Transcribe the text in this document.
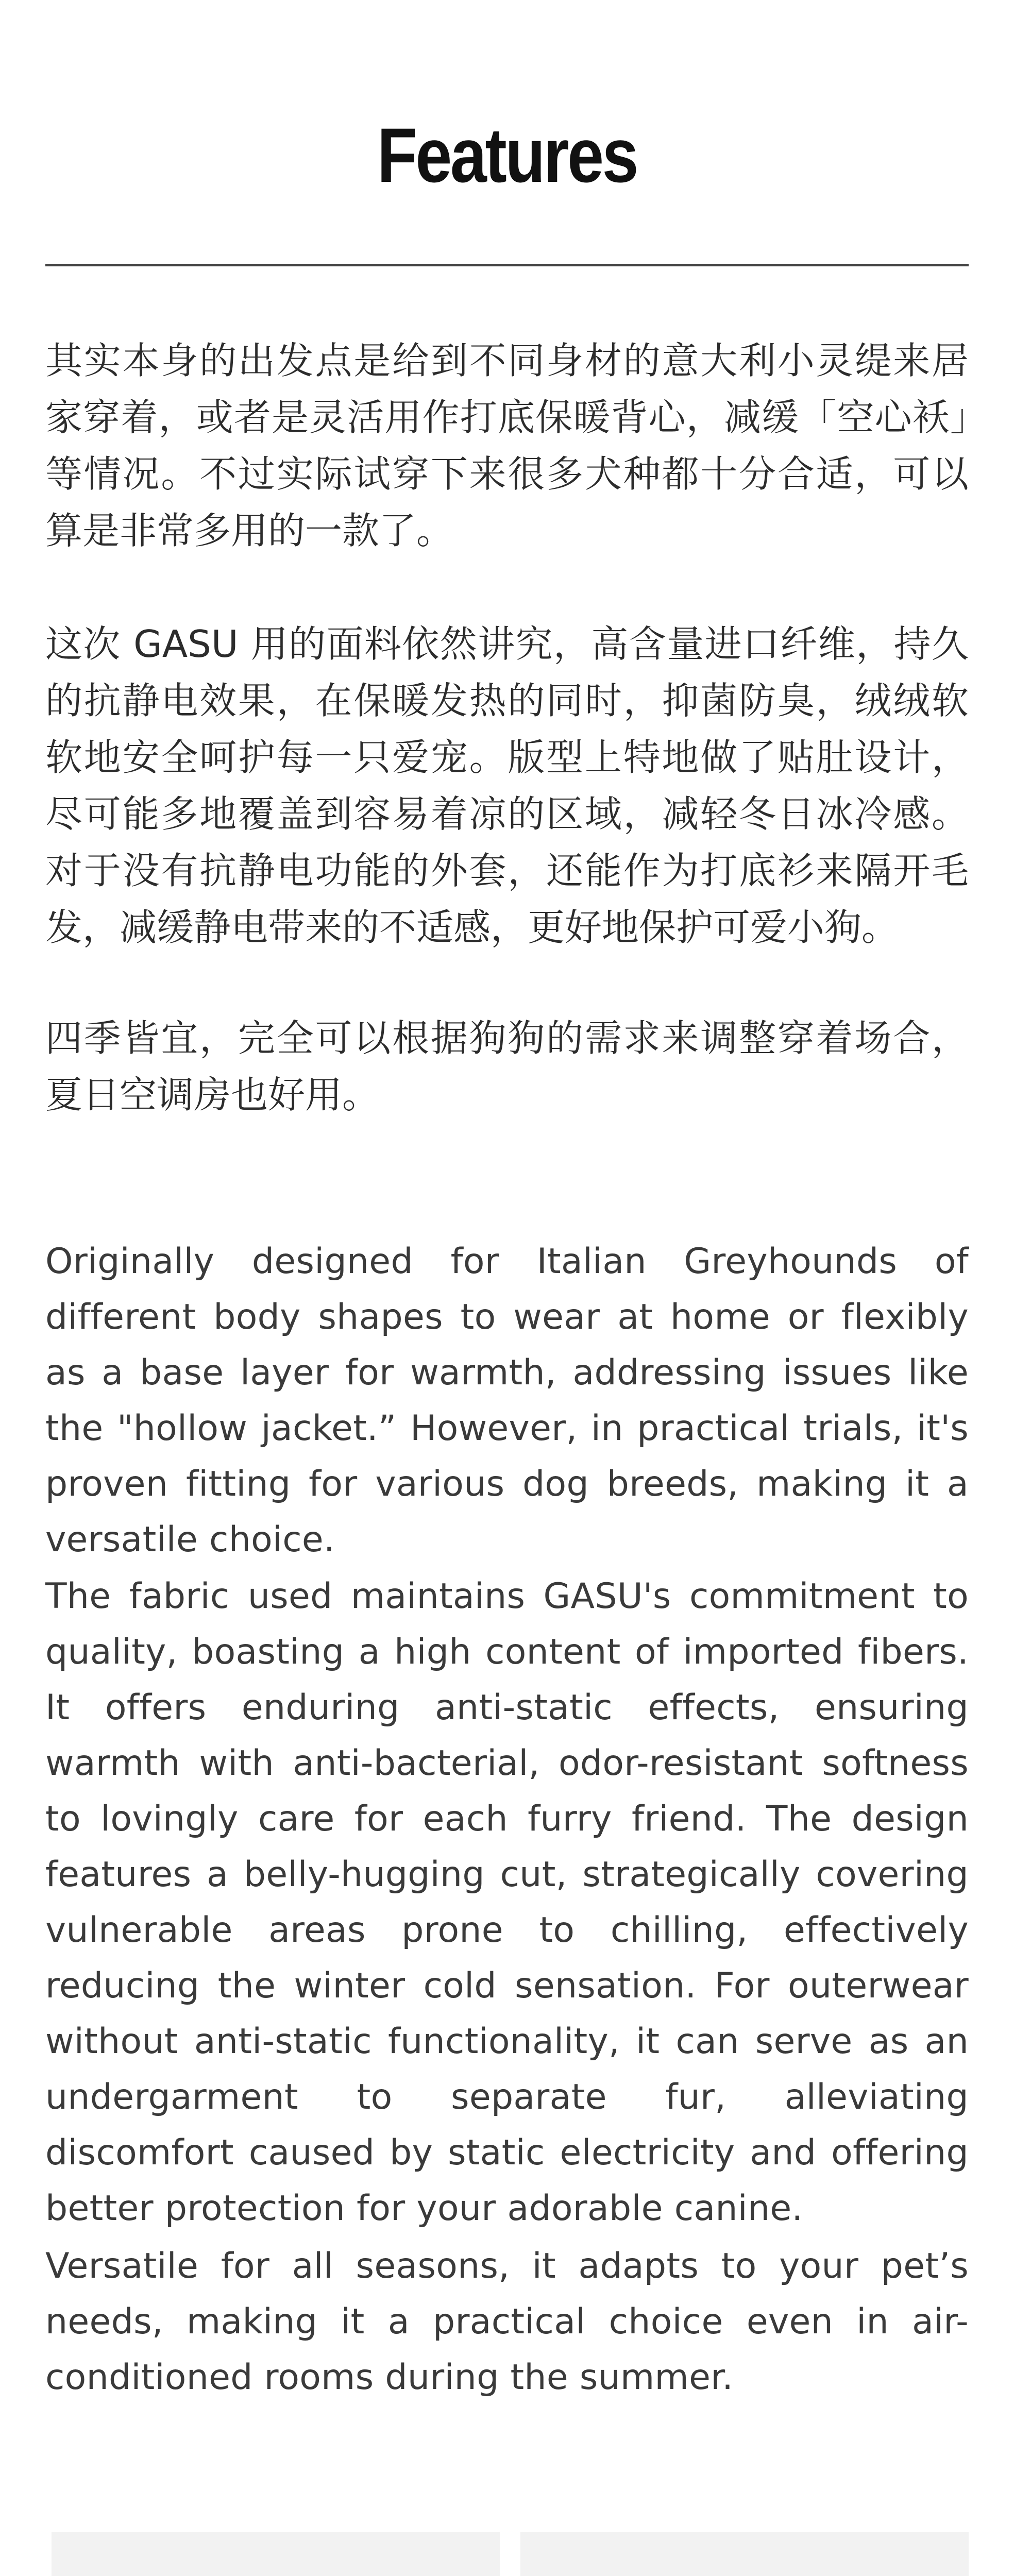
Features

其实本身的出发点是给到不同身材的意大利小灵缇来居家穿着，或者是灵活用作打底保暖背心，减缓「空心袄」等情况。不过实际试穿下来很多犬种都十分合适，可以算是非常多用的一款了。

这次 GASU 用的面料依然讲究，高含量进口纤维，持久的抗静电效果，在保暖发热的同时，抑菌防臭，绒绒软软地安全呵护每一只爱宠。版型上特地做了贴肚设计，尽可能多地覆盖到容易着凉的区域，减轻冬日冰冷感。对于没有抗静电功能的外套，还能作为打底衫来隔开毛发，减缓静电带来的不适感，更好地保护可爱小狗。

四季皆宜，完全可以根据狗狗的需求来调整穿着场合，夏日空调房也好用。

Originally designed for Italian Greyhounds of different body shapes to wear at home or flexibly as a base layer for warmth, addressing issues like the "hollow jacket.” However, in practical trials, it's proven fitting for various dog breeds, making it a versatile choice.

The fabric used maintains GASU's commitment to quality, boasting a high content of imported fibers. It offers enduring anti-static effects, ensuring warmth with anti-bacterial, odor-resistant softness to lovingly care for each furry friend. The design features a belly-hugging cut, strategically covering vulnerable areas prone to chilling, effectively reducing the winter cold sensation. For outerwear without anti-static functionality, it can serve as an undergarment to separate fur, alleviating discomfort caused by static electricity and offering better protection for your adorable canine.

Versatile for all seasons, it adapts to your pet’s needs, making it a practical choice even in air-conditioned rooms during the summer.
